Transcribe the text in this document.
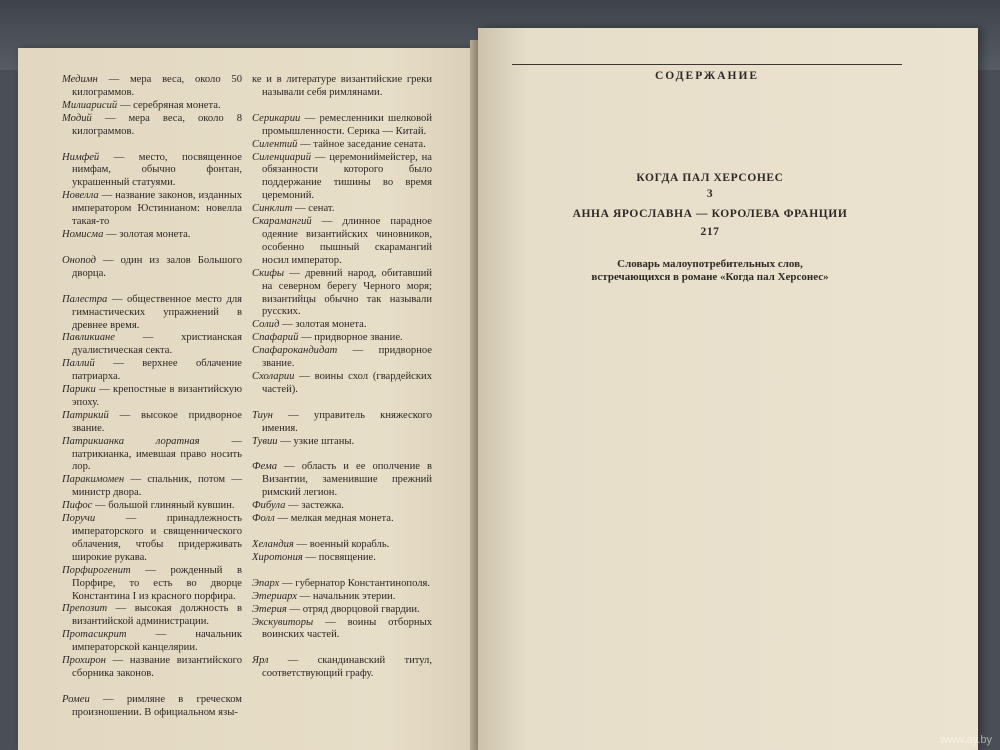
Медимн — мера веса, около 50 килограммов.
Милиарисий — серебряная монета.
Модий — мера веса, около 8 килограммов.
Нимфей — место, посвященное нимфам, обычно фонтан, украшенный статуями.
Новелла — название законов, изданных императором Юстинианом: новелла такая-то
Номисма — золотая монета.
Онопод — один из залов Большого дворца.
Палестра — общественное место для гимнастических упражнений в древнее время.
Павликиане — христианская дуалистическая секта.
Паллий — верхнее облачение патриарха.
Парики — крепостные в византийскую эпоху.
Патрикий — высокое придворное звание.
Патрикианка лоратная — патрикианка, имевшая право носить лор.
Паракимомен — спальник, потом — министр двора.
Пифос — большой глиняный кувшин.
Поручи — принадлежность императорского и священнического облачения, чтобы придерживать широкие рукава.
Порфирогенит — рожденный в Порфире, то есть во дворце Константина I из красного порфира.
Препозит — высокая должность в византийской администрации.
Протасикрит — начальник императорской канцелярии.
Прохирон — название византийского сборника законов.
Ромеи — римляне в греческом произношении. В официальном язы-
ке и в литературе византийские греки называли себя римлянами.
Серикарии — ремесленники шелковой промышленности. Серика — Китай.
Силентий — тайное заседание сената.
Силенциарий — церемониймейстер, на обязанности которого было поддержание тишины во время церемоний.
Синклит — сенат.
Скарамангий — длинное парадное одеяние византийских чиновников, особенно пышный скарамангий носил император.
Скифы — древний народ, обитавший на северном берегу Черного моря; византийцы обычно так называли русских.
Солид — золотая монета.
Спафарий — придворное звание.
Спафарокандидат — придворное звание.
Схоларии — воины схол (гвардейских частей).
Тиун — управитель княжеского имения.
Тувии — узкие штаны.
Фема — область и ее ополчение в Византии, заменившие прежний римский легион.
Фибула — застежка.
Фолл — мелкая медная монета.
Хеландия — военный корабль.
Хиротония — посвящение.
Эпарх — губернатор Константинополя.
Этериарх — начальник этерии.
Этерия — отряд дворцовой гвардии.
Экскувиторы — воины отборных воинских частей.
Ярл — скандинавский титул, соответствующий графу.
СОДЕРЖАНИЕ
КОГДА ПАЛ ХЕРСОНЕС
3
АННА ЯРОСЛАВНА — КОРОЛЕВА ФРАНЦИИ
217
Словарь малоупотребительных слов,
встречающихся в романе «Когда пал Херсонес»
www.ay.by
